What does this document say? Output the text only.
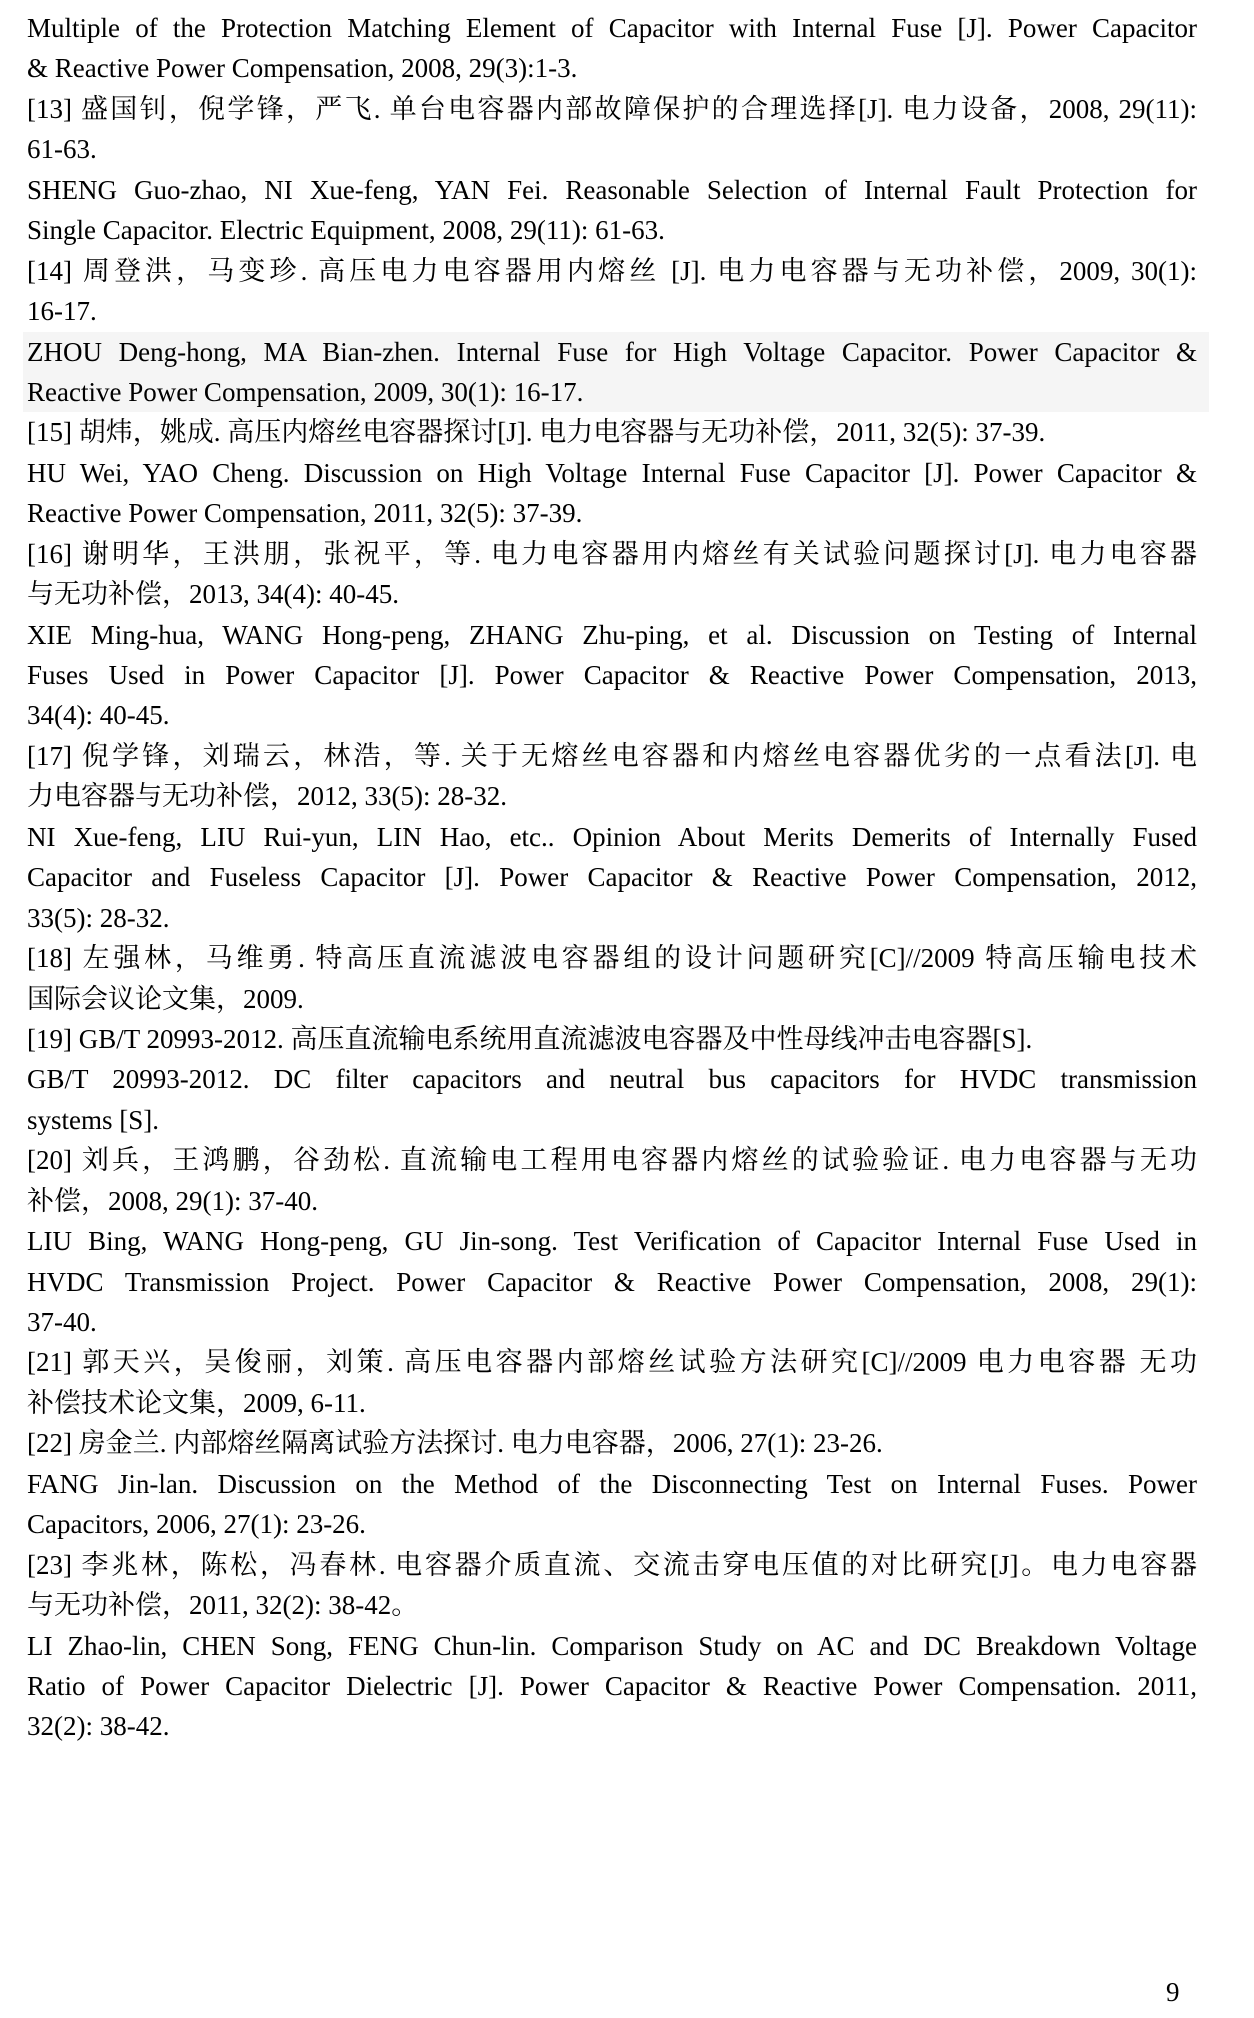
Multiple of the Protection Matching Element of Capacitor with Internal Fuse [J]. Power Capacitor
& Reactive Power Compensation, 2008, 29(3):1-3.
[13] 盛国钊，倪学锋，严飞. 单台电容器内部故障保护的合理选择[J]. 电力设备，2008, 29(11):
61-63.
SHENG Guo-zhao, NI Xue-feng, YAN Fei. Reasonable Selection of Internal Fault Protection for
Single Capacitor. Electric Equipment, 2008, 29(11): 61-63.
[14] 周登洪，马变珍. 高压电力电容器用内熔丝 [J]. 电力电容器与无功补偿，2009, 30(1):
16-17.
ZHOU Deng-hong, MA Bian-zhen. Internal Fuse for High Voltage Capacitor. Power Capacitor &
Reactive Power Compensation, 2009, 30(1): 16-17.
[15] 胡炜，姚成. 高压内熔丝电容器探讨[J]. 电力电容器与无功补偿，2011, 32(5): 37-39.
HU Wei, YAO Cheng. Discussion on High Voltage Internal Fuse Capacitor [J]. Power Capacitor &
Reactive Power Compensation, 2011, 32(5): 37-39.
[16] 谢明华，王洪朋，张祝平，等. 电力电容器用内熔丝有关试验问题探讨[J]. 电力电容器
与无功补偿，2013, 34(4): 40-45.
XIE Ming-hua, WANG Hong-peng, ZHANG Zhu-ping, et al. Discussion on Testing of Internal
Fuses Used in Power Capacitor [J]. Power Capacitor & Reactive Power Compensation, 2013,
34(4): 40-45.
[17] 倪学锋，刘瑞云，林浩，等. 关于无熔丝电容器和内熔丝电容器优劣的一点看法[J]. 电
力电容器与无功补偿，2012, 33(5): 28-32.
NI Xue-feng, LIU Rui-yun, LIN Hao, etc.. Opinion About Merits Demerits of Internally Fused
Capacitor and Fuseless Capacitor [J]. Power Capacitor & Reactive Power Compensation, 2012,
33(5): 28-32.
[18] 左强林，马维勇. 特高压直流滤波电容器组的设计问题研究[C]//2009 特高压输电技术
国际会议论文集，2009.
[19] GB/T 20993-2012. 高压直流输电系统用直流滤波电容器及中性母线冲击电容器[S].
GB/T 20993-2012. DC filter capacitors and neutral bus capacitors for HVDC transmission
systems [S].
[20] 刘兵，王鸿鹏，谷劲松. 直流输电工程用电容器内熔丝的试验验证. 电力电容器与无功
补偿，2008, 29(1): 37-40.
LIU Bing, WANG Hong-peng, GU Jin-song. Test Verification of Capacitor Internal Fuse Used in
HVDC Transmission Project. Power Capacitor & Reactive Power Compensation, 2008, 29(1):
37-40.
[21] 郭天兴，吴俊丽，刘策. 高压电容器内部熔丝试验方法研究[C]//2009 电力电容器 无功
补偿技术论文集，2009, 6-11.
[22] 房金兰. 内部熔丝隔离试验方法探讨. 电力电容器，2006, 27(1): 23-26.
FANG Jin-lan. Discussion on the Method of the Disconnecting Test on Internal Fuses. Power
Capacitors, 2006, 27(1): 23-26.
[23] 李兆林，陈松，冯春林. 电容器介质直流、交流击穿电压值的对比研究[J]。电力电容器
与无功补偿，2011, 32(2): 38-42。
LI Zhao-lin, CHEN Song, FENG Chun-lin. Comparison Study on AC and DC Breakdown Voltage
Ratio of Power Capacitor Dielectric [J]. Power Capacitor & Reactive Power Compensation. 2011,
32(2): 38-42.
9
